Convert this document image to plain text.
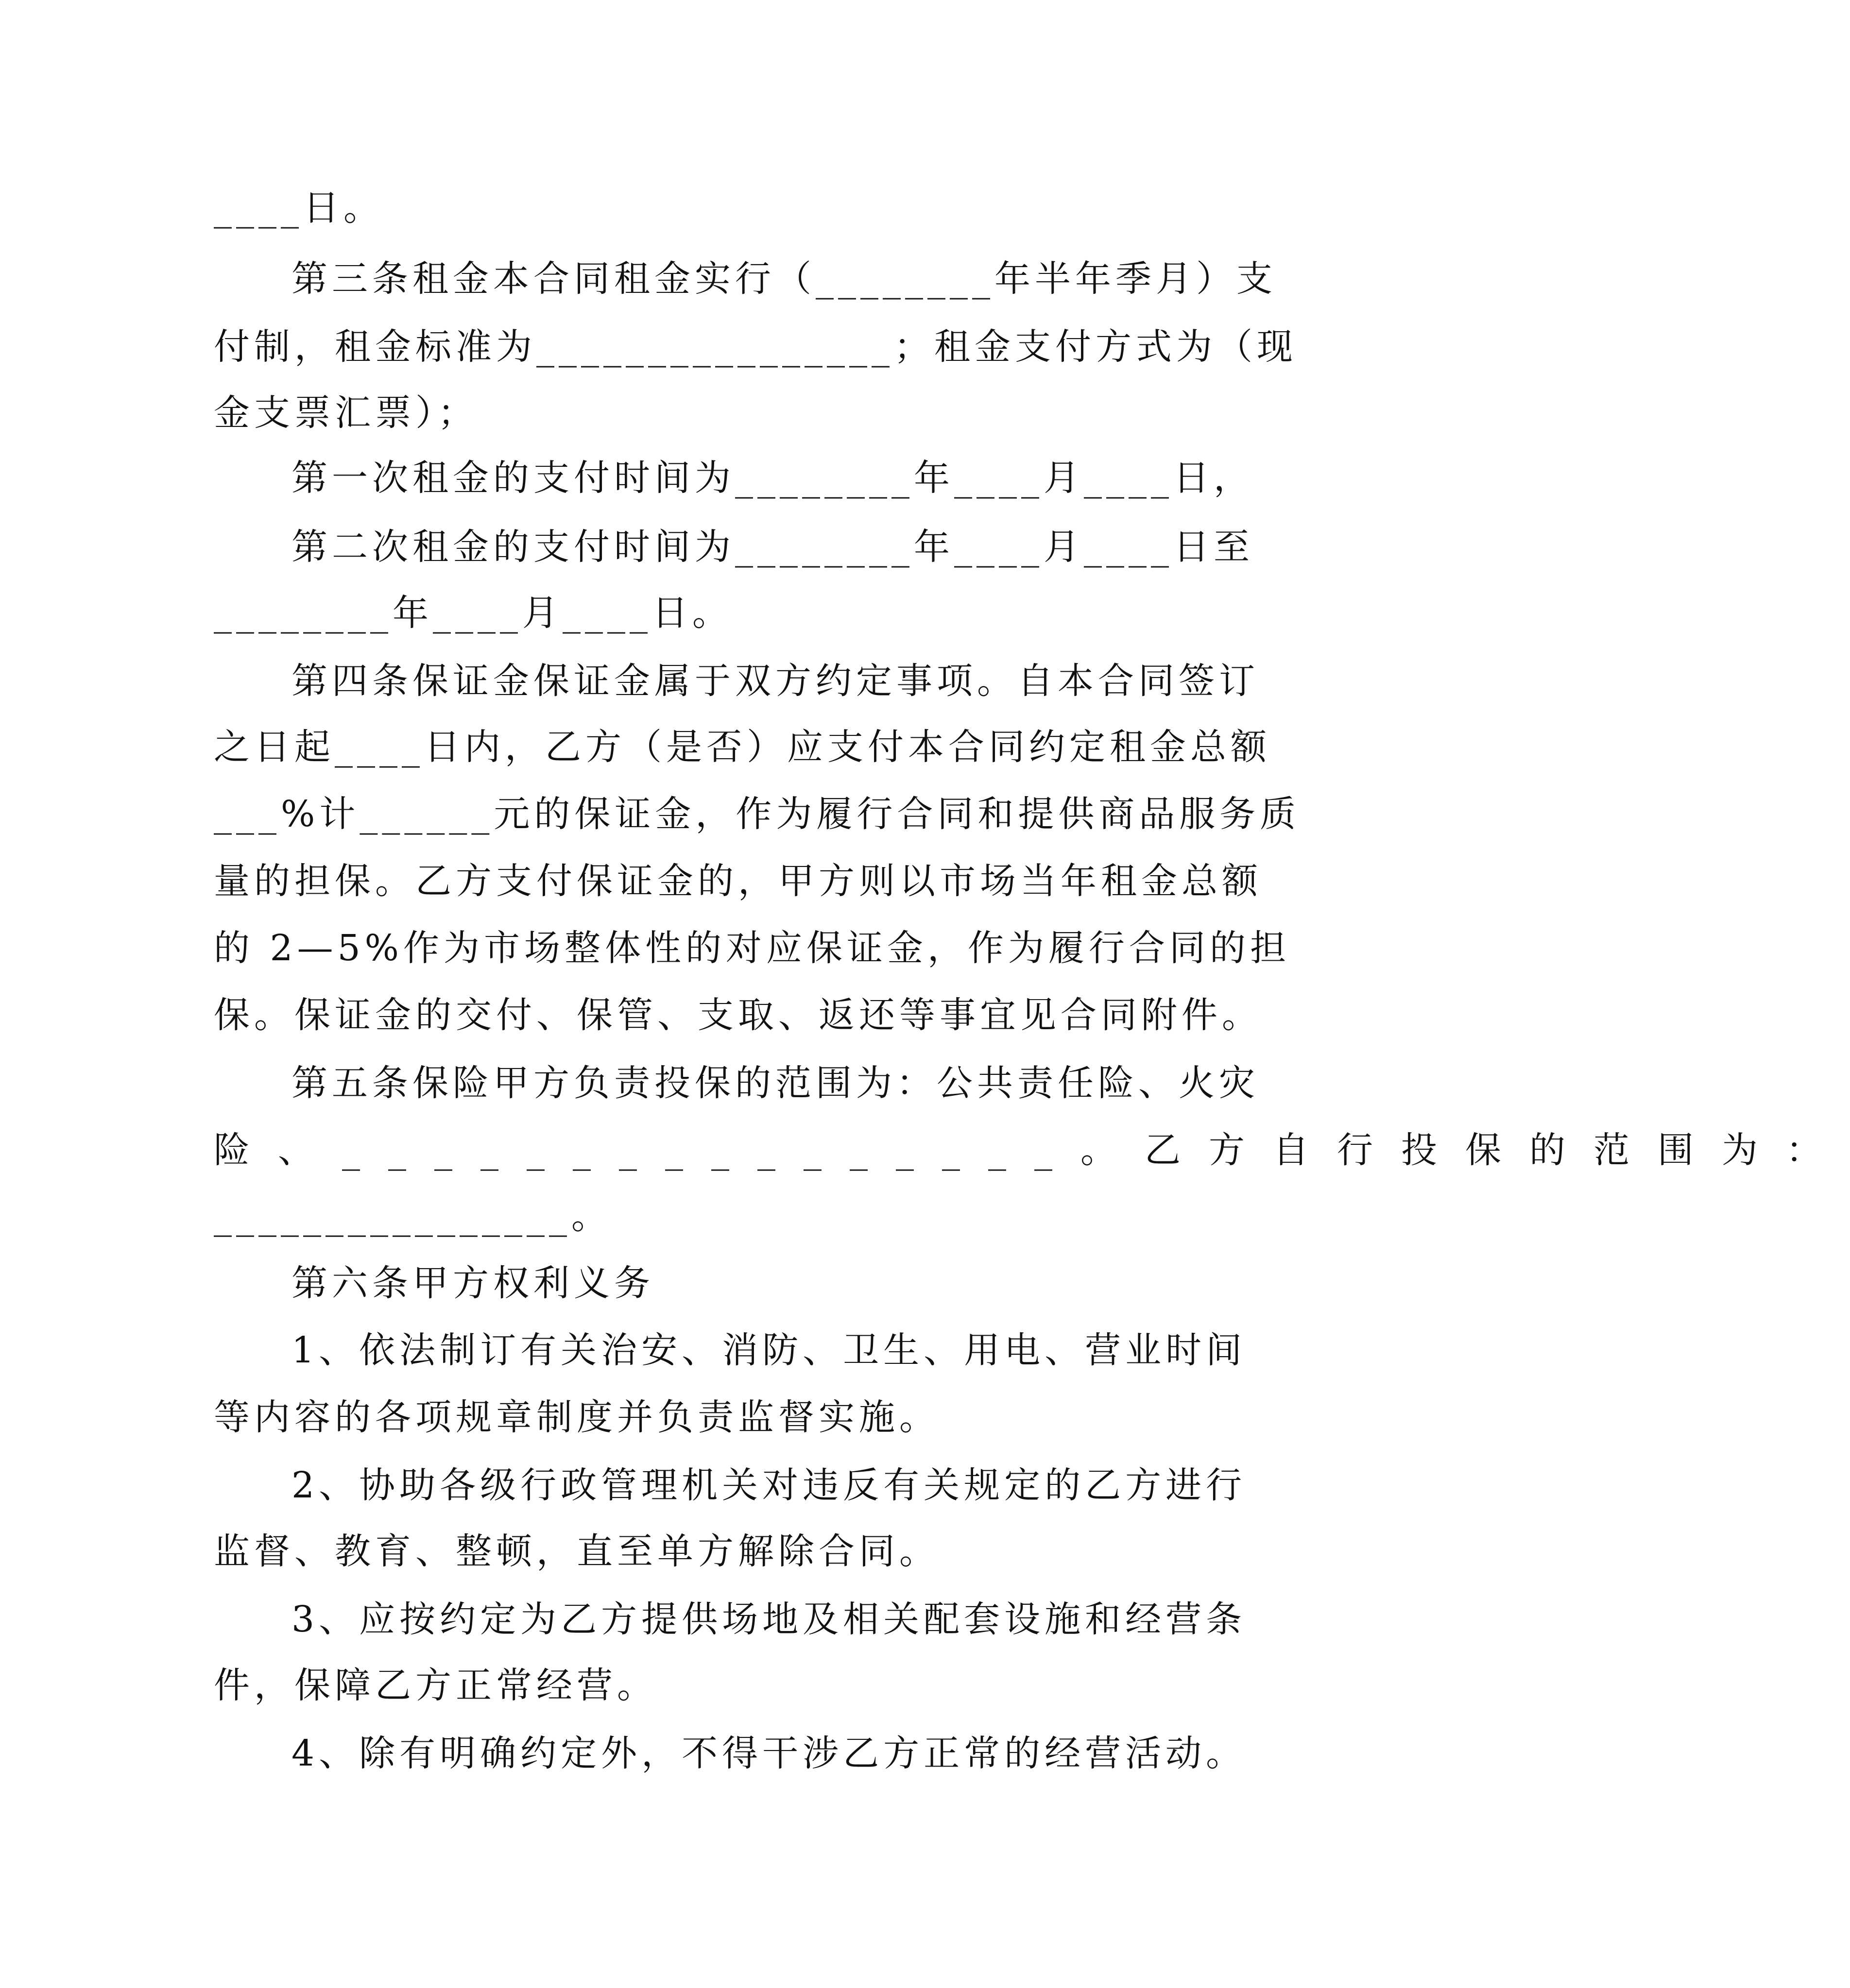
____日。
第三条租金本合同租金实行（________年半年季月）支
付制，租金标准为________________；租金支付方式为（现
金支票汇票）；
第一次租金的支付时间为________年____月____日，
第二次租金的支付时间为________年____月____日至
________年____月____日。
第四条保证金保证金属于双方约定事项。自本合同签订
之日起____日内，乙方（是否）应支付本合同约定租金总额
___%计______元的保证金，作为履行合同和提供商品服务质
量的担保。乙方支付保证金的，甲方则以市场当年租金总额
的 2—5%作为市场整体性的对应保证金，作为履行合同的担
保。保证金的交付、保管、支取、返还等事宜见合同附件。
第五条保险甲方负责投保的范围为：公共责任险、火灾
险、________________。乙方自行投保的范围为：
________________。
第六条甲方权利义务
1、依法制订有关治安、消防、卫生、用电、营业时间
等内容的各项规章制度并负责监督实施。
2、协助各级行政管理机关对违反有关规定的乙方进行
监督、教育、整顿，直至单方解除合同。
3、应按约定为乙方提供场地及相关配套设施和经营条
件，保障乙方正常经营。
4、除有明确约定外，不得干涉乙方正常的经营活动。
